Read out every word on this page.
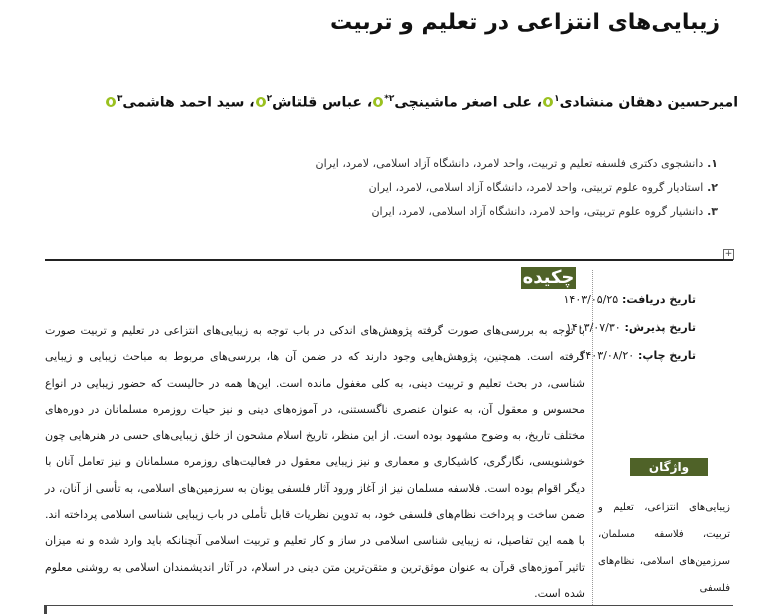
زیبایی‌های انتزاعی در تعلیم و تربیت
امیرحسین دهقان منشادی$^۱$، علی اصغر ماشینچی$^{۲*}$، عباس قلتاش$^۲$، سید احمد هاشمی$^۳$
۱. دانشجوی دکتری فلسفه تعلیم و تربیت، واحد لامرد، دانشگاه آزاد اسلامی، لامرد، ایران
۲. استادیار گروه علوم تربیتی، واحد لامرد، دانشگاه آزاد اسلامی، لامرد، ایران
۳. دانشیار گروه علوم تربیتی، واحد لامرد، دانشگاه آزاد اسلامی، لامرد، ایران
+
چکیده
با توجه به بررسی‌های صورت گرفته پژوهش‌های اندکی در باب توجه به زیبایی‌های انتزاعی در تعلیم و تربیت صورت گرفته است. همچنین، پژوهش‌هایی وجود دارند که در ضمن آن ها، بررسی‌های مربوط به مباحث زیبایی و زیبایی شناسی، در بحث تعلیم و تربیت دینی، به کلی مغفول مانده است. این‌ها همه در حالیست که حضور زیبایی در انواع محسوس و معقول آن، به عنوان عنصری ناگسستنی، در آموزه‌های دینی و نیز حیات روزمره مسلمانان در دوره‌های مختلف تاریخ، به وضوح مشهود بوده است. از این منظر، تاریخ اسلام مشحون از خلق زیبایی‌های حسی در هنرهایی چون خوشنویسی، نگارگری، کاشیکاری و معماری و نیز زیبایی معقول در فعالیت‌های روزمره مسلمانان و نیز تعامل آنان با دیگر اقوام بوده است. فلاسفه مسلمان نیز از آغاز ورود آثار فلسفی یونان به سرزمین‌های اسلامی، به تأسی از آنان، در ضمن ساخت و پرداخت نظام‌های فلسفی خود، به تدوین نظریات قابل تأملی در باب زیبایی شناسی اسلامی پرداخته اند. با همه این تفاصیل، نه زیبایی شناسی اسلامی در ساز و کار تعلیم و تربیت اسلامی آنچنانکه باید وارد شده و نه میزان تاثیر آموزه‌های قرآن به عنوان موثق‌ترین و متقن‌ترین متن دینی در اسلام، در آثار اندیشمندان اسلامی به روشنی معلوم شده است.
تاریخ دریافت: ۱۴۰۳/۰۵/۲۵
تاریخ پذیرش: ۱۴۰۳/۰۷/۳۰
تاریخ چاپ: ۱۴۰۳/۰۸/۲۰
واژگان کلیدی
زیبایی‌های انتزاعی، تعلیم و تربیت، فلاسفه مسلمان، سرزمین‌های اسلامی، نظام‌های فلسفی
